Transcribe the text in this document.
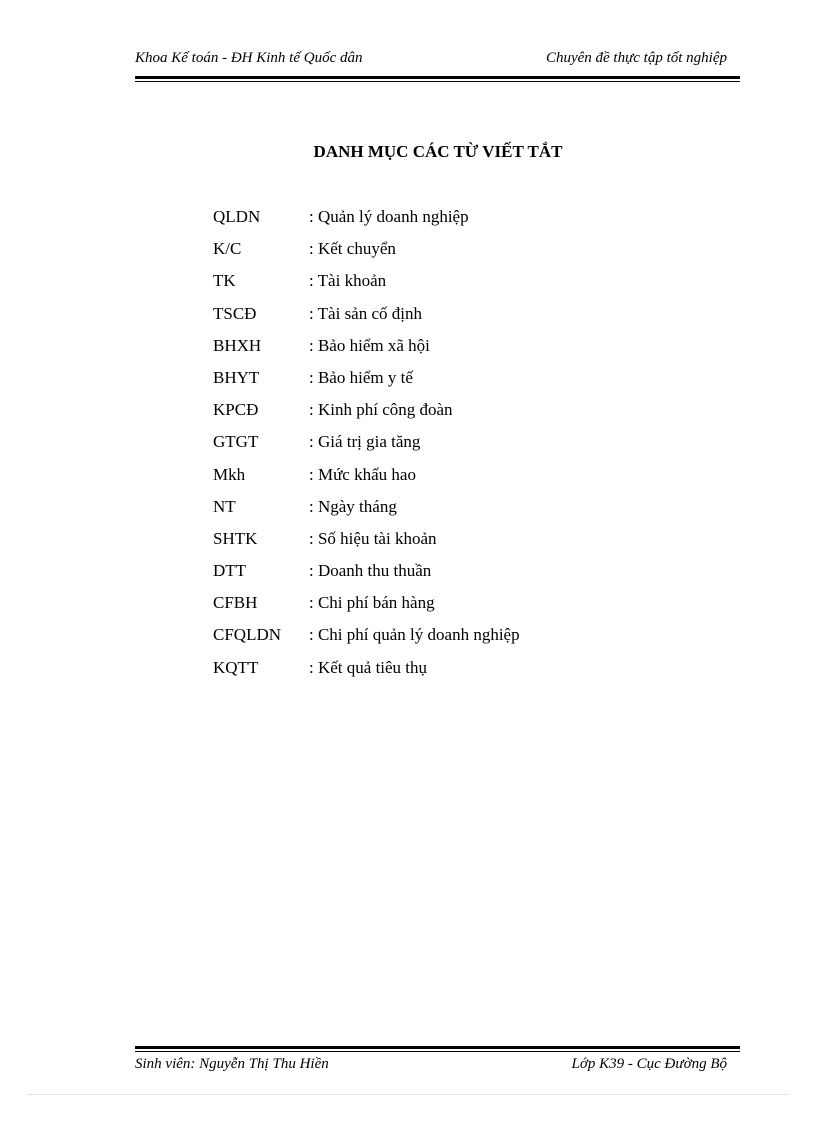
Khoa Kế toán - ĐH Kinh tế Quốc dân	Chuyên đề thực tập tốt nghiệp
DANH MỤC CÁC TỪ VIẾT TẮT
QLDN	: Quản lý doanh nghiệp
K/C	: Kết chuyển
TK	: Tài khoản
TSCĐ	: Tài sản cố định
BHXH	: Bảo hiểm xã hội
BHYT	: Bảo hiểm y tế
KPCĐ	: Kinh phí công đoàn
GTGT	: Giá trị gia tăng
Mkh	: Mức khấu hao
NT	: Ngày tháng
SHTK	: Số hiệu tài khoản
DTT	: Doanh thu thuần
CFBH	: Chi phí bán hàng
CFQLDN	: Chi phí quản lý doanh nghiệp
KQTT	: Kết quả tiêu thụ
Sinh viên: Nguyễn Thị Thu Hiền	Lớp K39 - Cục Đường Bộ
